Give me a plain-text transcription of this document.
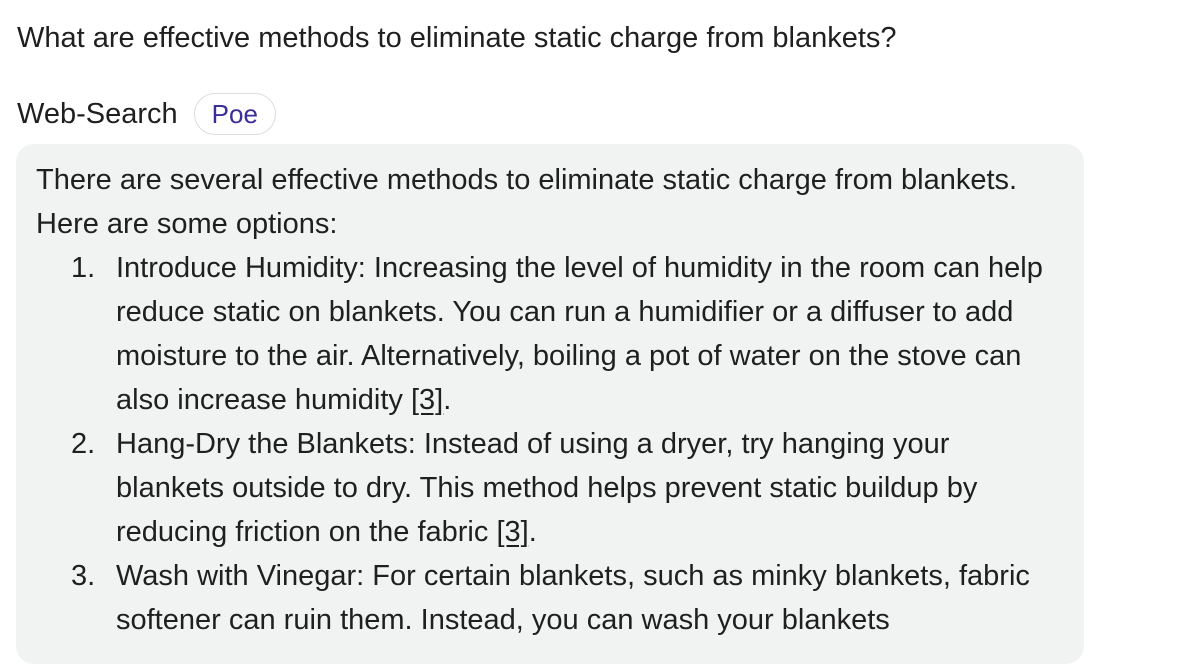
What are effective methods to eliminate static charge from blankets?
Web-Search	Poe

There are several effective methods to eliminate static charge from blankets. Here are some options:

1. Introduce Humidity: Increasing the level of humidity in the room can help reduce static on blankets. You can run a humidifier or a diffuser to add moisture to the air. Alternatively, boiling a pot of water on the stove can also increase humidity [3].
2. Hang-Dry the Blankets: Instead of using a dryer, try hanging your blankets outside to dry. This method helps prevent static buildup by reducing friction on the fabric [3].
3. Wash with Vinegar: For certain blankets, such as minky blankets, fabric softener can ruin them. Instead, you can wash your blankets
